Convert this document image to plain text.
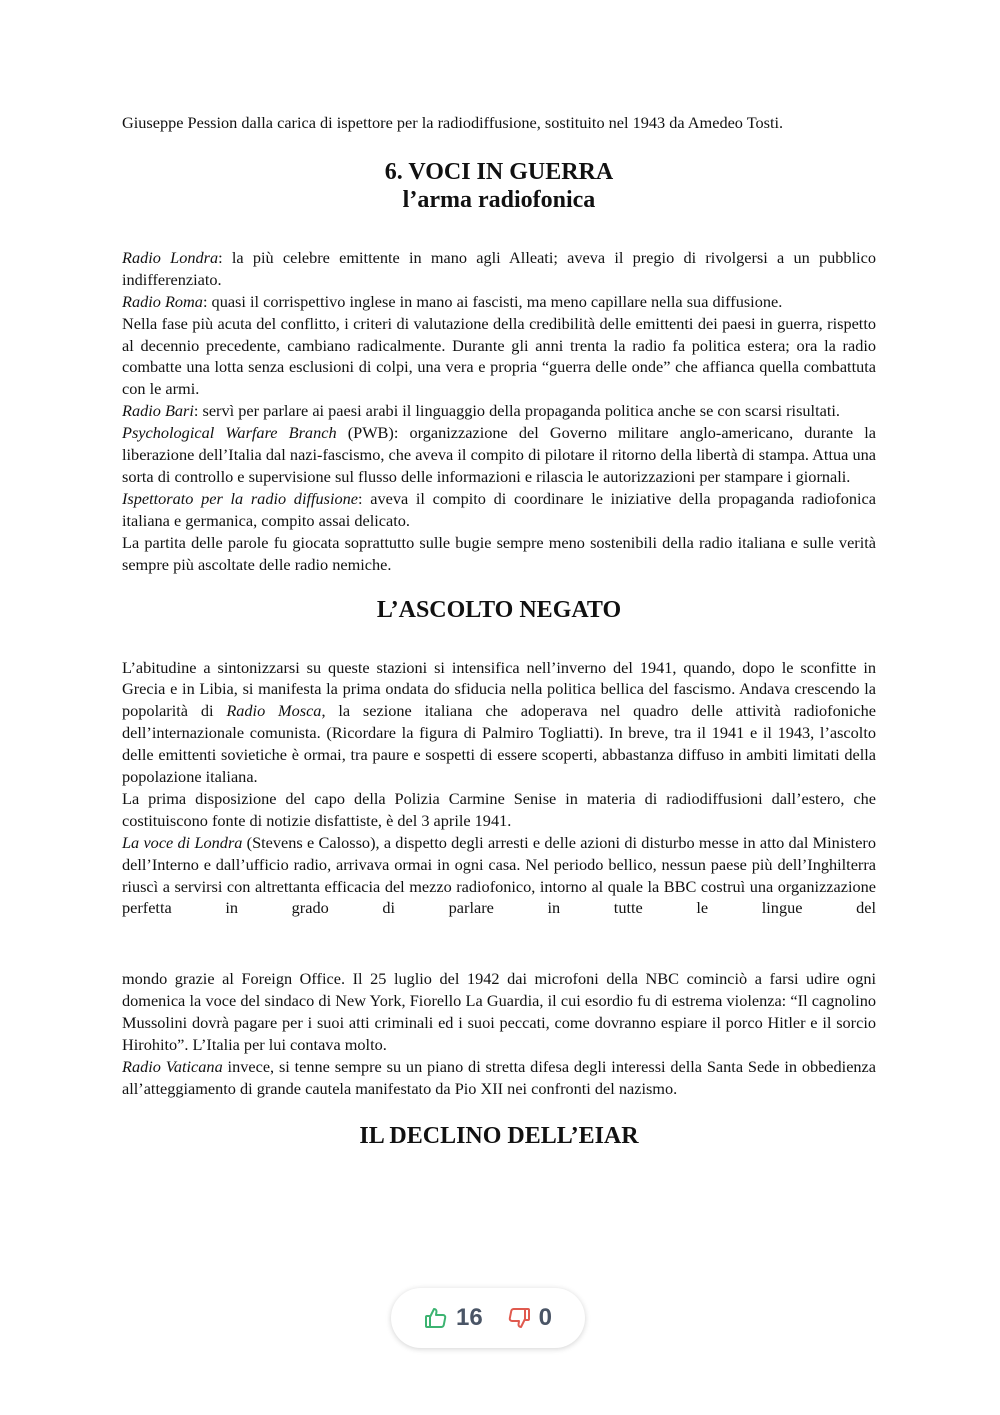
Giuseppe Pession dalla carica di ispettore per la radiodiffusione, sostituito nel 1943 da Amedeo Tosti.

6. VOCI IN GUERRA
l’arma radiofonica

Radio Londra: la più celebre emittente in mano agli Alleati; aveva il pregio di rivolgersi a un pubblico indifferenziato.

Radio Roma: quasi il corrispettivo inglese in mano ai fascisti, ma meno capillare nella sua diffusione.

Nella fase più acuta del conflitto, i criteri di valutazione della credibilità delle emittenti dei paesi in guerra, rispetto al decennio precedente, cambiano radicalmente. Durante gli anni trenta la radio fa politica estera; ora la radio combatte una lotta senza esclusioni di colpi, una vera e propria “guerra delle onde” che affianca quella combattuta con le armi.

Radio Bari: servì per parlare ai paesi arabi il linguaggio della propaganda politica anche se con scarsi risultati.

Psychological Warfare Branch (PWB): organizzazione del Governo militare anglo-americano, durante la liberazione dell’Italia dal nazi-fascismo, che aveva il compito di pilotare il ritorno della libertà di stampa. Attua una sorta di controllo e supervisione sul flusso delle informazioni e rilascia le autorizzazioni per stampare i giornali.

Ispettorato per la radio diffusione: aveva il compito di coordinare le iniziative della propaganda radiofonica italiana e germanica, compito assai delicato.

La partita delle parole fu giocata soprattutto sulle bugie sempre meno sostenibili della radio italiana e sulle verità sempre più ascoltate delle radio nemiche.

L’ASCOLTO NEGATO

L’abitudine a sintonizzarsi su queste stazioni si intensifica nell’inverno del 1941, quando, dopo le sconfitte in Grecia e in Libia, si manifesta la prima ondata do sfiducia nella politica bellica del fascismo. Andava crescendo la popolarità di Radio Mosca, la sezione italiana che adoperava nel quadro delle attività radiofoniche dell’internazionale comunista. (Ricordare la figura di Palmiro Togliatti). In breve, tra il 1941 e il 1943, l’ascolto delle emittenti sovietiche è ormai, tra paure e sospetti di essere scoperti, abbastanza diffuso in ambiti limitati della popolazione italiana.

La prima disposizione del capo della Polizia Carmine Senise in materia di radiodiffusioni dall’estero, che costituiscono fonte di notizie disfattiste, è del 3 aprile 1941.

La voce di Londra (Stevens e Calosso), a dispetto degli arresti e delle azioni di disturbo messe in atto dal Ministero dell’Interno e dall’ufficio radio, arrivava ormai in ogni casa. Nel periodo bellico, nessun paese più dell’Inghilterra riuscì a servirsi con altrettanta efficacia del mezzo radiofonico, intorno al quale la BBC costruì una organizzazione perfetta in grado di parlare in tutte le lingue del

mondo grazie al Foreign Office. Il 25 luglio del 1942 dai microfoni della NBC cominciò a farsi udire ogni domenica la voce del sindaco di New York, Fiorello La Guardia, il cui esordio fu di estrema violenza: “Il cagnolino Mussolini dovrà pagare per i suoi atti criminali ed i suoi peccati, come dovranno espiare il porco Hitler e il sorcio Hirohito”. L’Italia per lui contava molto.

Radio Vaticana invece, si tenne sempre su un piano di stretta difesa degli interessi della Santa Sede in obbedienza all’atteggiamento di grande cautela manifestato da Pio XII nei confronti del nazismo.

IL DECLINO DELL’EIAR
16 0
